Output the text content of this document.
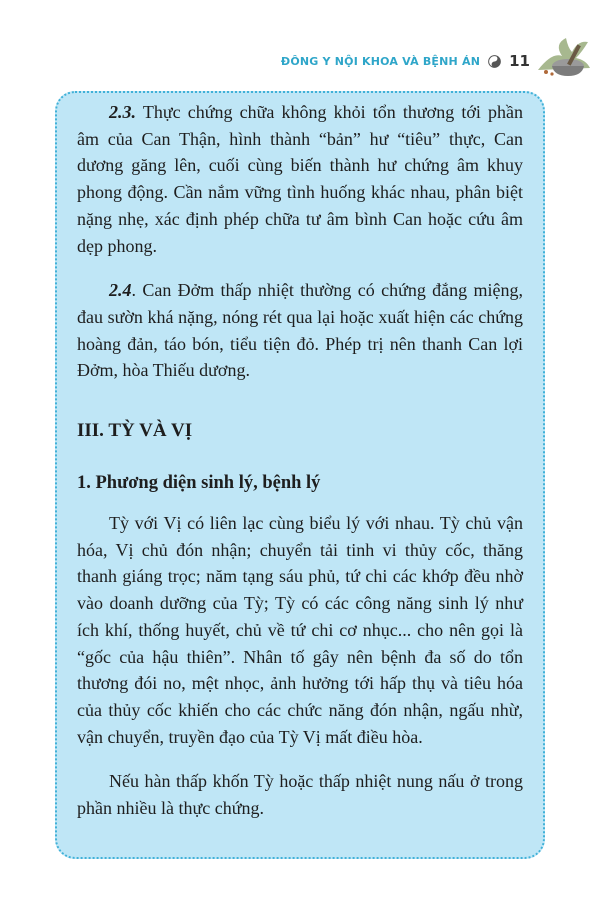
ĐÔNG Y NỘI KHOA VÀ BỆNH ÁN 11

2.3. Thực chứng chữa không khỏi tổn thương tới phần âm của Can Thận, hình thành “bản” hư “tiêu” thực, Can dương găng lên, cuối cùng biến thành hư chứng âm khuy phong động. Cần nắm vững tình huống khác nhau, phân biệt nặng nhẹ, xác định phép chữa tư âm bình Can hoặc cứu âm dẹp phong.

2.4. Can Đởm thấp nhiệt thường có chứng đắng miệng, đau sườn khá nặng, nóng rét qua lại hoặc xuất hiện các chứng hoàng đản, táo bón, tiểu tiện đỏ. Phép trị nên thanh Can lợi Đởm, hòa Thiếu dương.

III. TỲ VÀ VỊ
1. Phương diện sinh lý, bệnh lý

Tỳ với Vị có liên lạc cùng biểu lý với nhau. Tỳ chủ vận hóa, Vị chủ đón nhận; chuyển tải tinh vi thủy cốc, thăng thanh giáng trọc; năm tạng sáu phủ, tứ chi các khớp đều nhờ vào doanh dưỡng của Tỳ; Tỳ có các công năng sinh lý như ích khí, thống huyết, chủ về tứ chi cơ nhục... cho nên gọi là “gốc của hậu thiên”. Nhân tố gây nên bệnh đa số do tổn thương đói no, mệt nhọc, ảnh hưởng tới hấp thụ và tiêu hóa của thủy cốc khiến cho các chức năng đón nhận, ngấu nhừ, vận chuyển, truyền đạo của Tỳ Vị mất điều hòa.

Nếu hàn thấp khốn Tỳ hoặc thấp nhiệt nung nấu ở trong phần nhiều là thực chứng.
